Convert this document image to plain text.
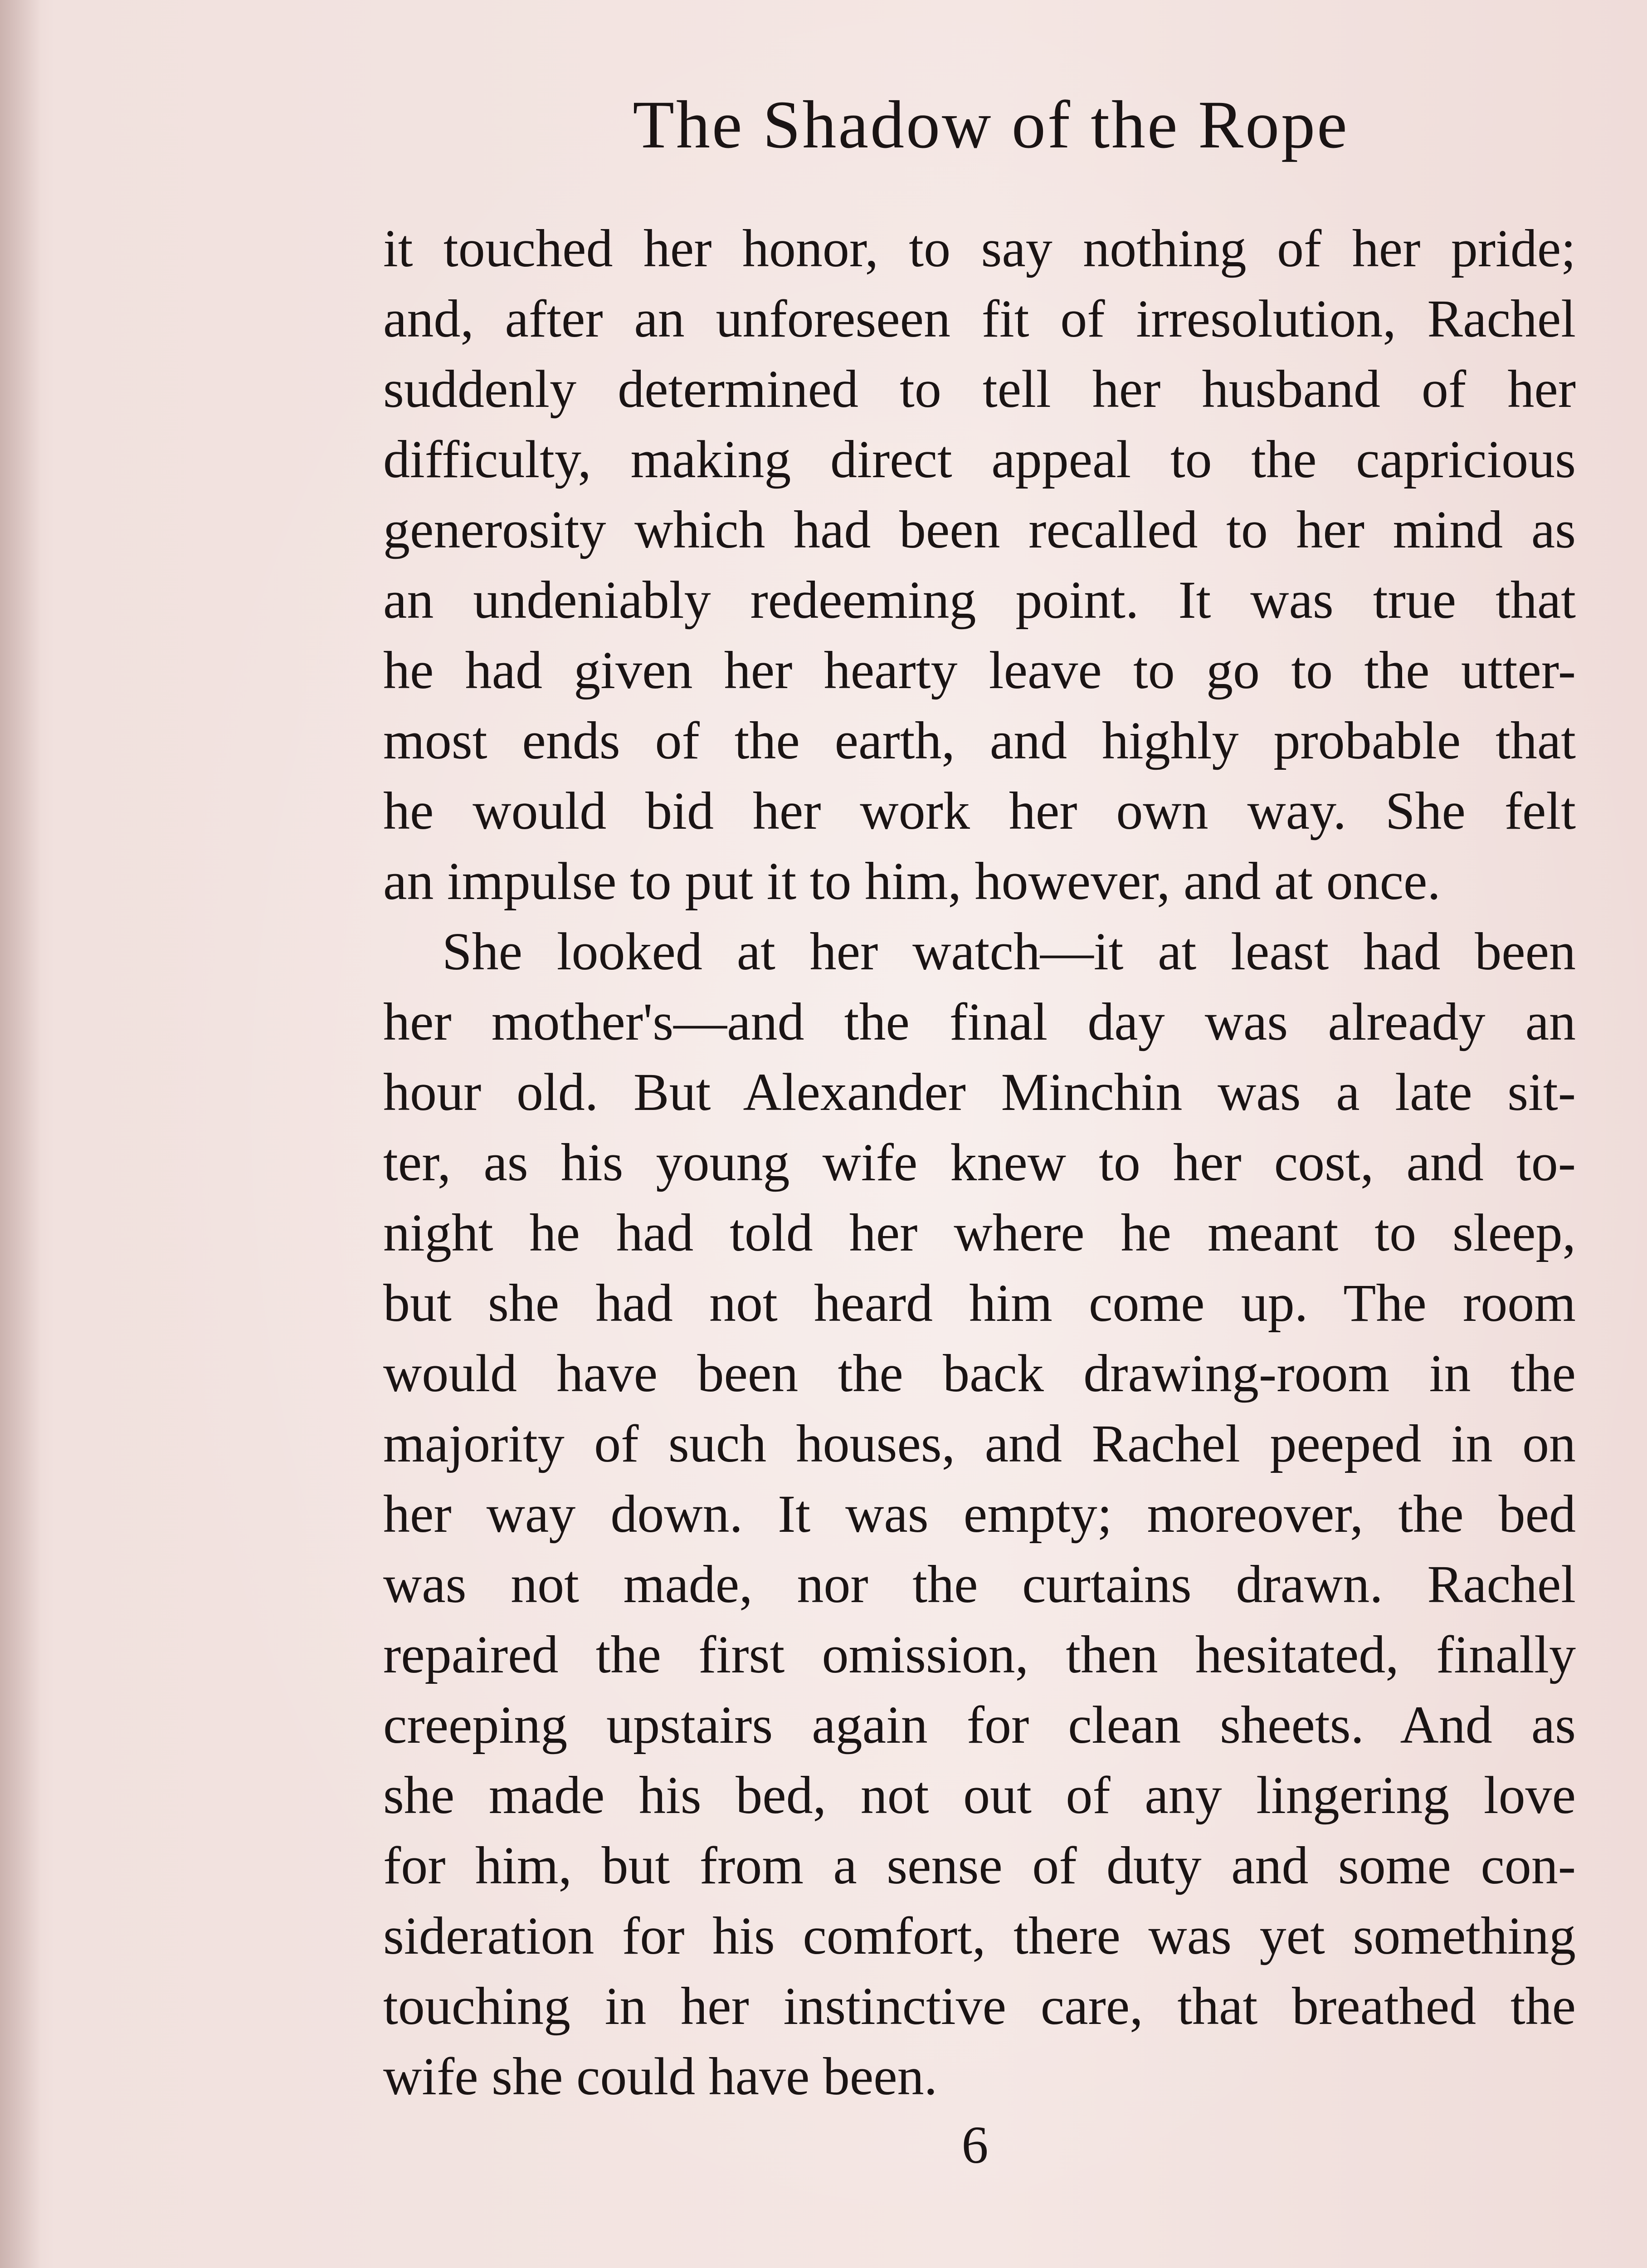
The Shadow of the Rope
it touched her honor, to say nothing of her pride;
and, after an unforeseen fit of irresolution, Rachel
suddenly determined to tell her husband of her
difficulty, making direct appeal to the capricious
generosity which had been recalled to her mind as
an undeniably redeeming point. It was true that
he had given her hearty leave to go to the utter-
most ends of the earth, and highly probable that
he would bid her work her own way. She felt
an impulse to put it to him, however, and at once.
She looked at her watch—it at least had been
her mother's—and the final day was already an
hour old. But Alexander Minchin was a late sit-
ter, as his young wife knew to her cost, and to-
night he had told her where he meant to sleep,
but she had not heard him come up. The room
would have been the back drawing-room in the
majority of such houses, and Rachel peeped in on
her way down. It was empty; moreover, the bed
was not made, nor the curtains drawn. Rachel
repaired the first omission, then hesitated, finally
creeping upstairs again for clean sheets. And as
she made his bed, not out of any lingering love
for him, but from a sense of duty and some con-
sideration for his comfort, there was yet something
touching in her instinctive care, that breathed the
wife she could have been.
6
